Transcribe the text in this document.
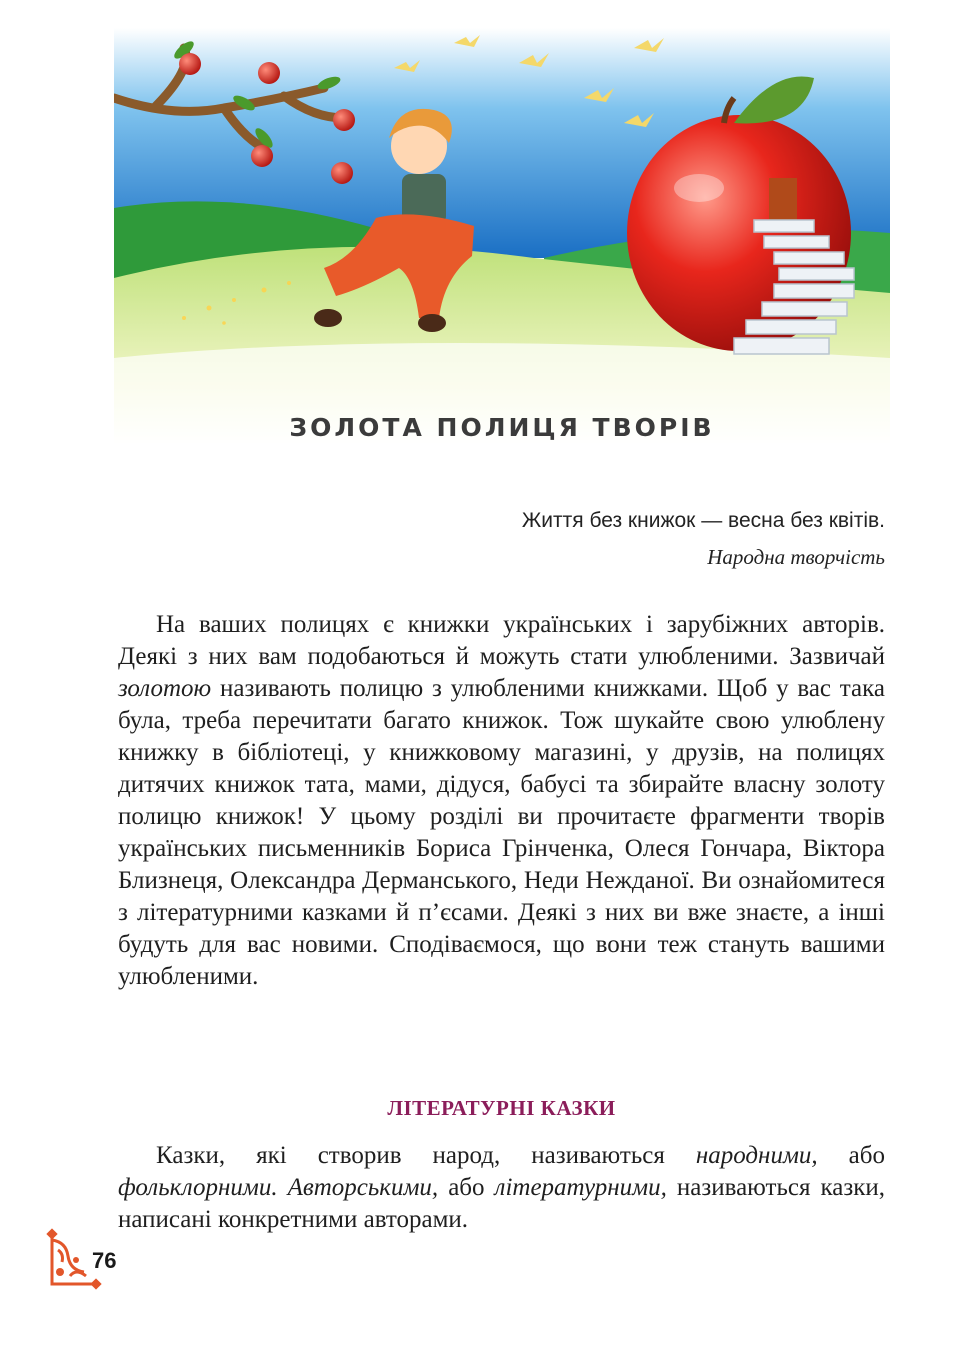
ЗОЛОТА ПОЛИЦЯ ТВОРІВ
Життя без книжок — весна без квітів.
Народна творчість

На ваших полицях є книжки українських і зарубіжних авторів. Деякі з них вам подобаються й можуть стати улюбленими. Зазвичай золотою називають полицю з улюбленими книжками. Щоб у вас така була, треба перечитати багато книжок. Тож шукайте свою улюблену книжку в бібліотеці, у книжковому магазині, у друзів, на полицях дитячих книжок тата, мами, дідуся, бабусі та збирайте власну золоту полицю книжок! У цьому розділі ви прочитаєте фрагменти творів українських письменників Бориса Грінченка, Олеся Гончара, Віктора Близнеця, Олександра Дерманського, Неди Нежданої. Ви ознайомитеся з літературними казками й п’єсами. Деякі з них ви вже знаєте, а інші будуть для вас новими. Сподіваємося, що вони теж стануть вашими улюбленими.

ЛІТЕРАТУРНІ КАЗКИ

Казки, які створив народ, називаються народними, або фольклорними. Авторськими, або літературними, називаються казки, написані конкретними авторами.

76
